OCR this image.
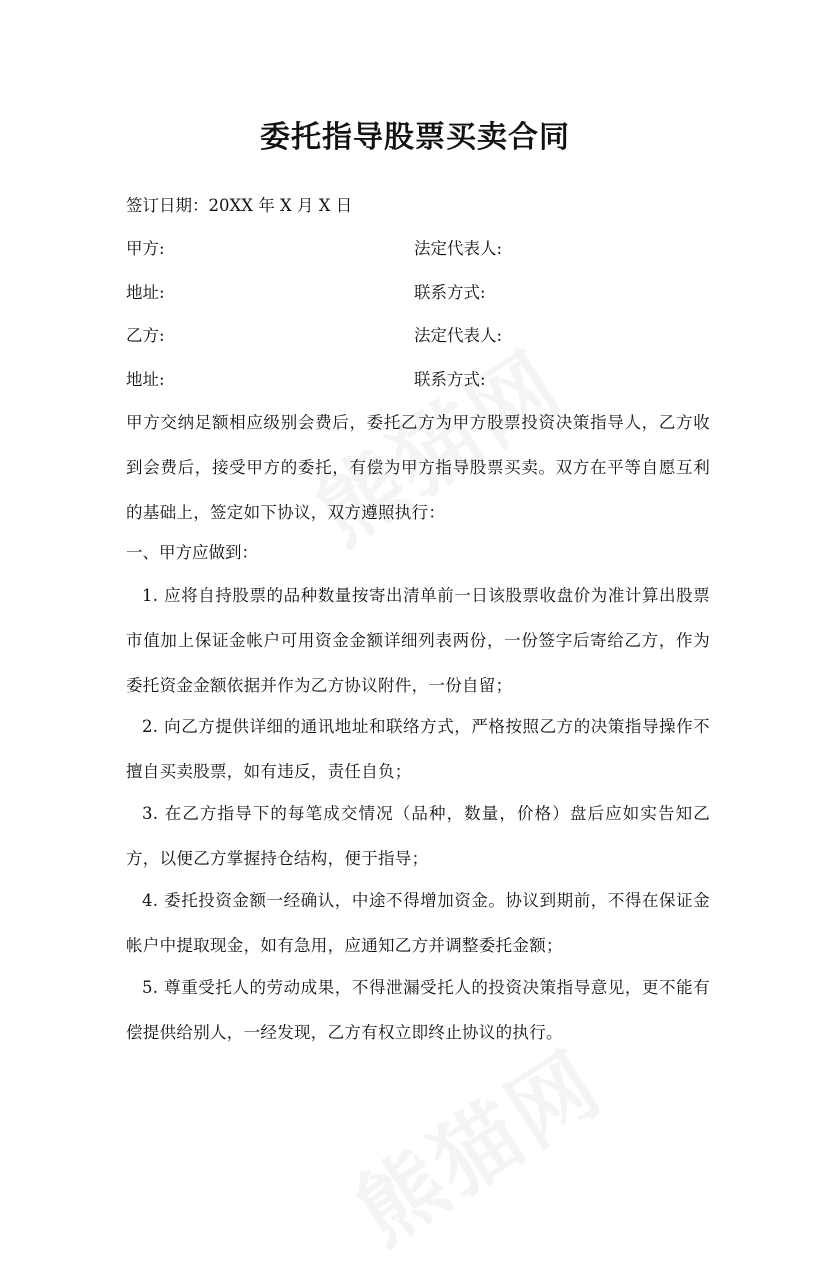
委托指导股票买卖合同
签订日期：20XX 年 X 月 X 日
甲方:	法定代表人:
地址:	联系方式:
乙方:	法定代表人:
地址:	联系方式:
甲方交纳足额相应级别会费后，委托乙方为甲方股票投资决策指导人，乙方收到会费后，接受甲方的委托，有偿为甲方指导股票买卖。双方在平等自愿互利的基础上，签定如下协议，双方遵照执行：
一、甲方应做到：
1. 应将自持股票的品种数量按寄出清单前一日该股票收盘价为准计算出股票市值加上保证金帐户可用资金金额详细列表两份，一份签字后寄给乙方，作为委托资金金额依据并作为乙方协议附件，一份自留；
2. 向乙方提供详细的通讯地址和联络方式，严格按照乙方的决策指导操作不擅自买卖股票，如有违反，责任自负；
3. 在乙方指导下的每笔成交情况（品种，数量，价格）盘后应如实告知乙方，以便乙方掌握持仓结构，便于指导；
4. 委托投资金额一经确认，中途不得增加资金。协议到期前，不得在保证金帐户中提取现金，如有急用，应通知乙方并调整委托金额；
5. 尊重受托人的劳动成果，不得泄漏受托人的投资决策指导意见，更不能有偿提供给别人，一经发现，乙方有权立即终止协议的执行。
